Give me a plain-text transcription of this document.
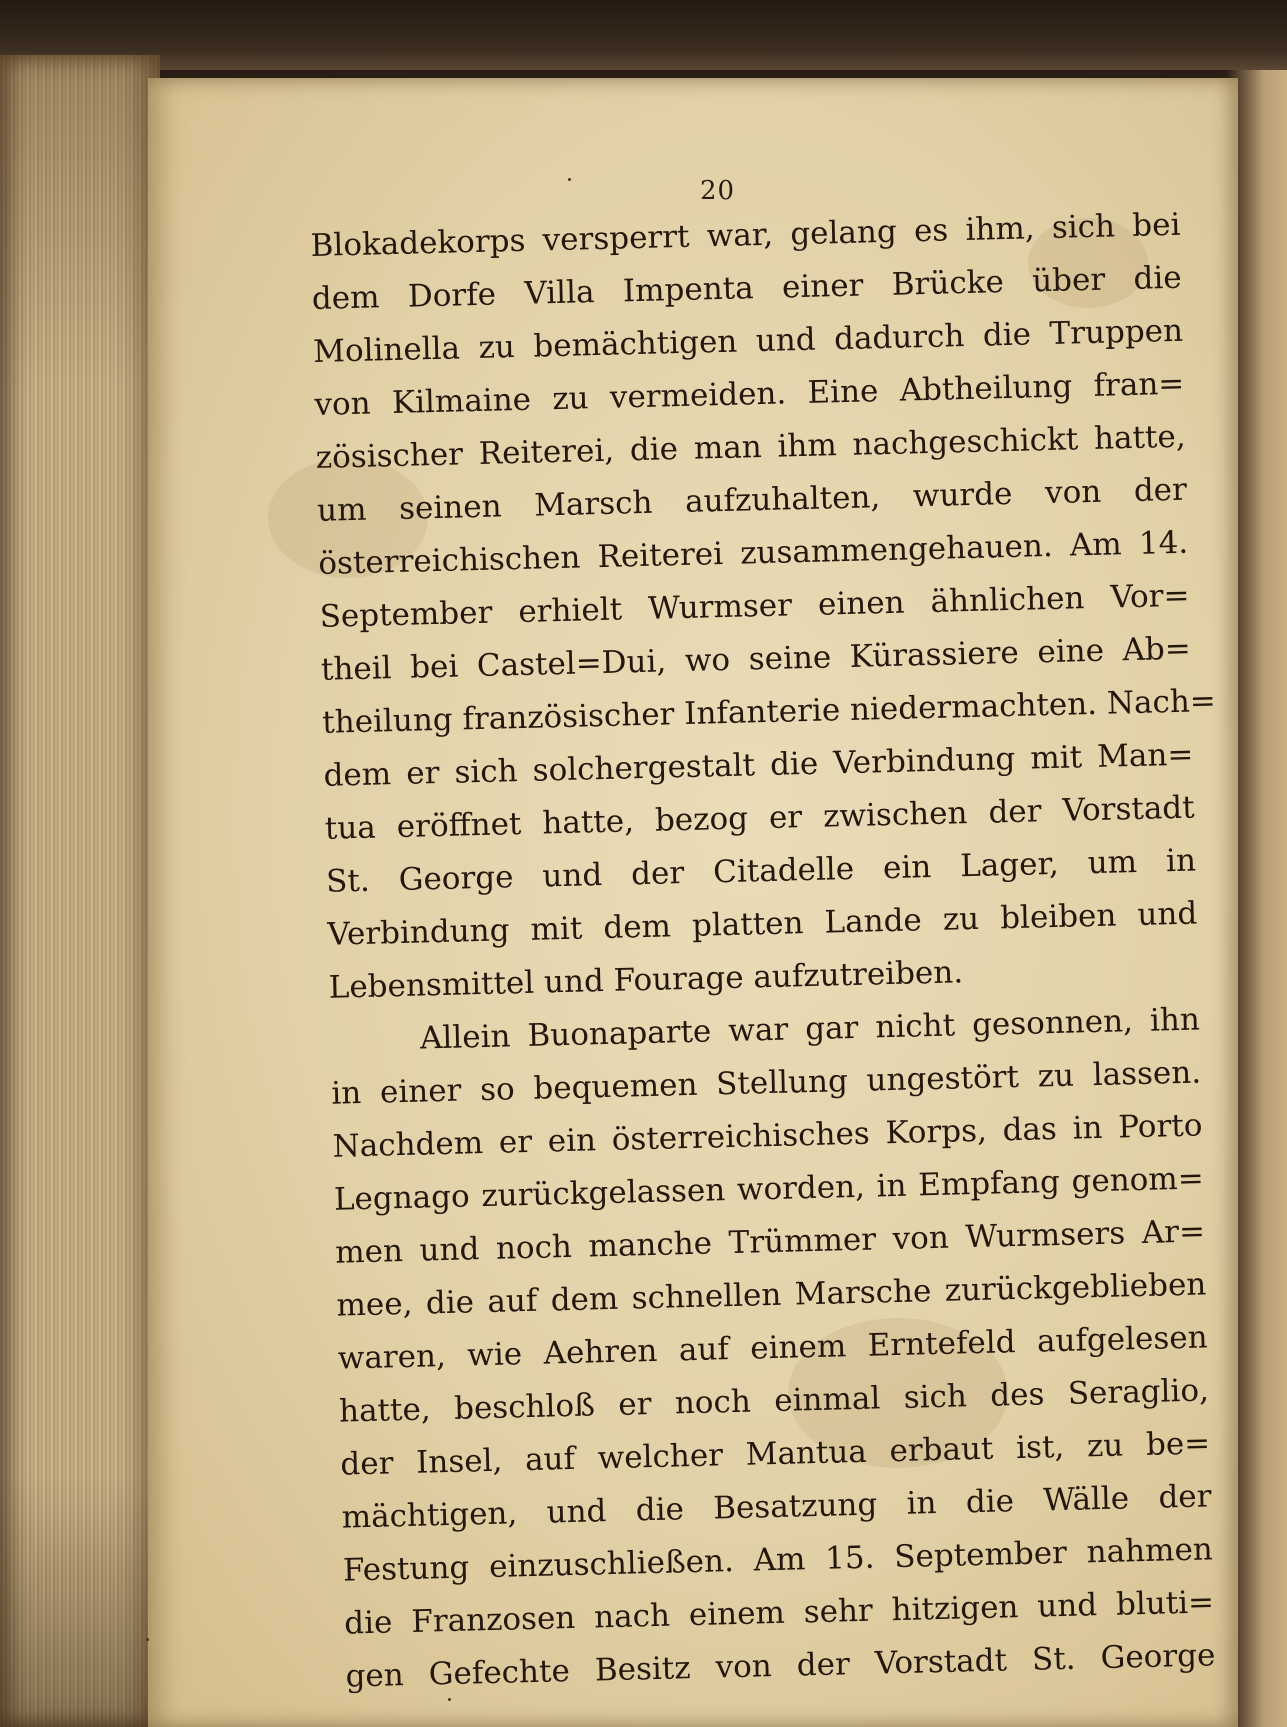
20
Blokadekorps versperrt war, gelang es ihm, sich bei
dem Dorfe Villa Impenta einer Brücke über die
Molinella zu bemächtigen und dadurch die Truppen
von Kilmaine zu vermeiden. Eine Abtheilung fran=
zösischer Reiterei, die man ihm nachgeschickt hatte,
um seinen Marsch aufzuhalten, wurde von der
österreichischen Reiterei zusammengehauen. Am 14.
September erhielt Wurmser einen ähnlichen Vor=
theil bei Castel=Dui, wo seine Kürassiere eine Ab=
theilung französischer Infanterie niedermachten. Nach=
dem er sich solchergestalt die Verbindung mit Man=
tua eröffnet hatte, bezog er zwischen der Vorstadt
St. George und der Citadelle ein Lager, um in
Verbindung mit dem platten Lande zu bleiben und
Lebensmittel und Fourage aufzutreiben.
Allein Buonaparte war gar nicht gesonnen, ihn
in einer so bequemen Stellung ungestört zu lassen.
Nachdem er ein österreichisches Korps, das in Porto
Legnago zurückgelassen worden, in Empfang genom=
men und noch manche Trümmer von Wurmsers Ar=
mee, die auf dem schnellen Marsche zurückgeblieben
waren, wie Aehren auf einem Erntefeld aufgelesen
hatte, beschloß er noch einmal sich des Seraglio,
der Insel, auf welcher Mantua erbaut ist, zu be=
mächtigen, und die Besatzung in die Wälle der
Festung einzuschließen. Am 15. September nahmen
die Franzosen nach einem sehr hitzigen und bluti=
gen Gefechte Besitz von der Vorstadt St. George
